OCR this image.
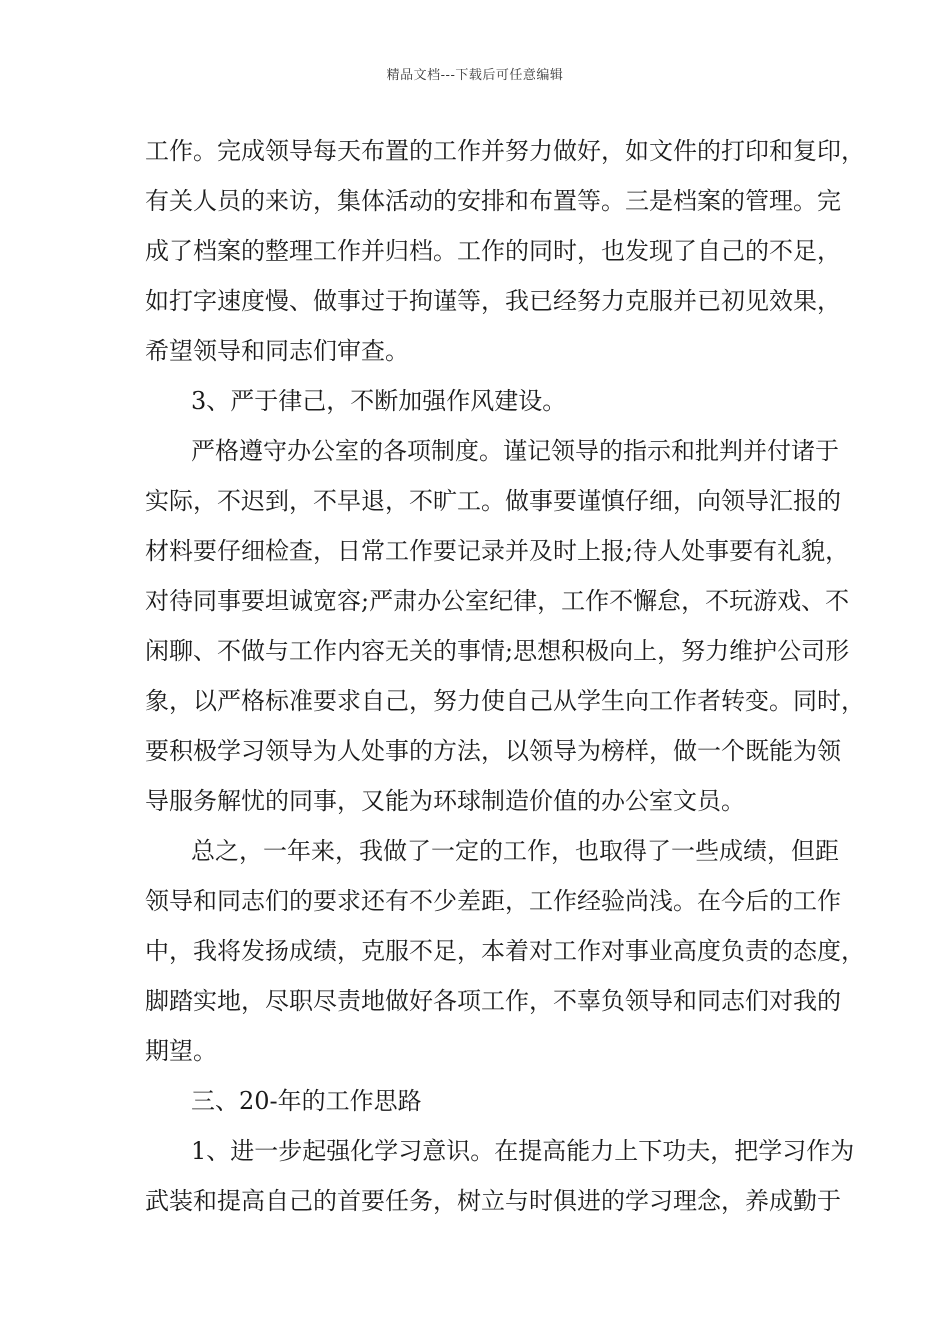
精品文档---下载后可任意编辑
工作。完成领导每天布置的工作并努力做好，如文件的打印和复印，
有关人员的来访，集体活动的安排和布置等。三是档案的管理。完
成了档案的整理工作并归档。工作的同时，也发现了自己的不足，
如打字速度慢、做事过于拘谨等，我已经努力克服并已初见效果，
希望领导和同志们审查。
3、严于律己，不断加强作风建设。
严格遵守办公室的各项制度。谨记领导的指示和批判并付诸于
实际，不迟到，不早退，不旷工。做事要谨慎仔细，向领导汇报的
材料要仔细检查，日常工作要记录并及时上报;待人处事要有礼貌，
对待同事要坦诚宽容;严肃办公室纪律，工作不懈怠，不玩游戏、不
闲聊、不做与工作内容无关的事情;思想积极向上，努力维护公司形
象，以严格标准要求自己，努力使自己从学生向工作者转变。同时，
要积极学习领导为人处事的方法，以领导为榜样，做一个既能为领
导服务解忧的同事，又能为环球制造价值的办公室文员。
总之，一年来，我做了一定的工作，也取得了一些成绩，但距
领导和同志们的要求还有不少差距，工作经验尚浅。在今后的工作
中，我将发扬成绩，克服不足，本着对工作对事业高度负责的态度，
脚踏实地，尽职尽责地做好各项工作，不辜负领导和同志们对我的
期望。
三、20-年的工作思路
1、进一步起强化学习意识。在提高能力上下功夫，把学习作为
武装和提高自己的首要任务，树立与时俱进的学习理念，养成勤于
